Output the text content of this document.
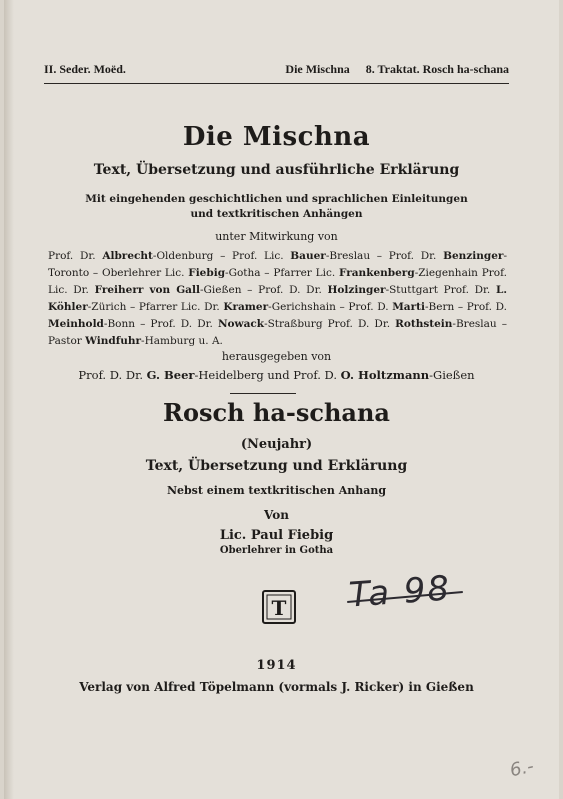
II. Seder. Moëd.	Die Mischna 8. Traktat. Rosch ha-schana
Die Mischna
Text, Übersetzung und ausführliche Erklärung
Mit eingehenden geschichtlichen und sprachlichen Einleitungen
und textkritischen Anhängen
unter Mitwirkung von
Prof. Dr. Albrecht-Oldenburg – Prof. Lic. Bauer-Breslau – Prof. Dr. Benzinger-Toronto – Oberlehrer Lic. Fiebig-Gotha – Pfarrer Lic. Frankenberg-Ziegenhain Prof. Lic. Dr. Freiherr von Gall-Gießen – Prof. D. Dr. Holzinger-Stuttgart Prof. Dr. L. Köhler-Zürich – Pfarrer Lic. Dr. Kramer-Gerichshain – Prof. D. Marti-Bern – Prof. D. Meinhold-Bonn – Prof. D. Dr. Nowack-Straßburg Prof. D. Dr. Rothstein-Breslau – Pastor Windfuhr-Hamburg u. A.
herausgegeben von
Prof. D. Dr. G. Beer-Heidelberg und Prof. D. O. Holtzmann-Gießen
Rosch ha-schana
(Neujahr)
Text, Übersetzung und Erklärung
Nebst einem textkritischen Anhang
Von
Lic. Paul Fiebig
Oberlehrer in Gotha
T Ta 98
1914
Verlag von Alfred Töpelmann (vormals J. Ricker) in Gießen
6.-
